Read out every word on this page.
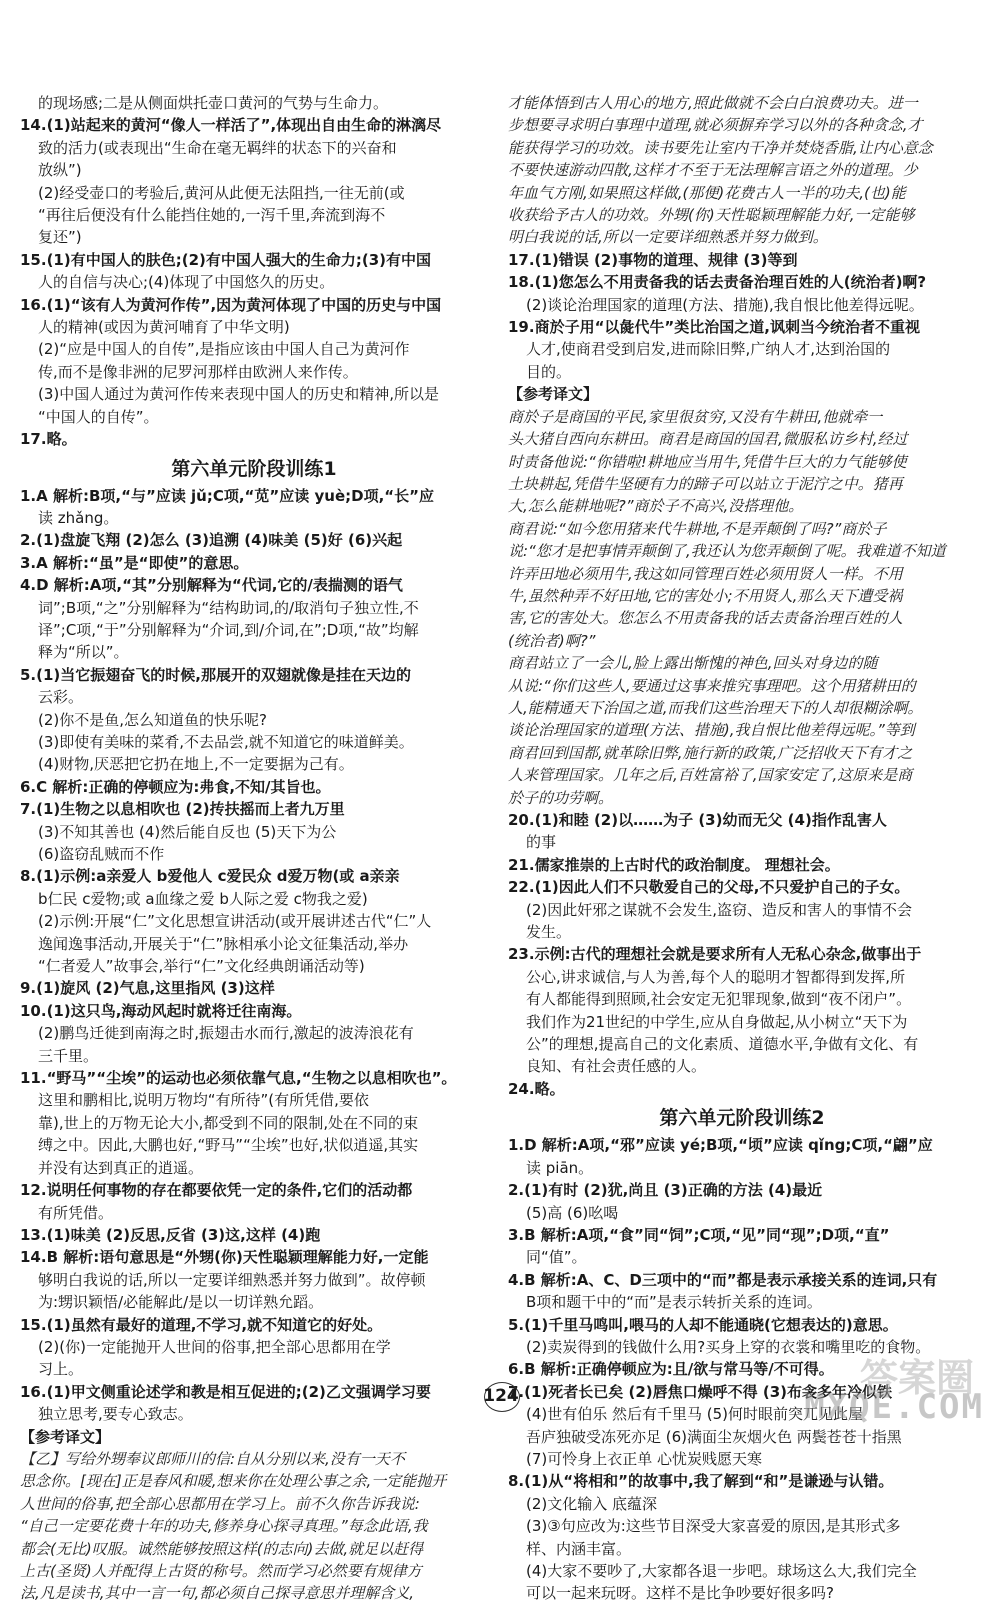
的现场感;二是从侧面烘托壶口黄河的气势与生命力。
14.(1)站起来的黄河“像人一样活了”,体现出自由生命的淋漓尽
致的活力(或表现出“生命在毫无羁绊的状态下的兴奋和
放纵”)
(2)经受壶口的考验后,黄河从此便无法阻挡,一往无前(或
“再往后便没有什么能挡住她的,一泻千里,奔流到海不
复还”)
15.(1)有中国人的肤色;(2)有中国人强大的生命力;(3)有中国
人的自信与决心;(4)体现了中国悠久的历史。
16.(1)“该有人为黄河作传”,因为黄河体现了中国的历史与中国
人的精神(或因为黄河哺育了中华文明)
(2)“应是中国人的自传”,是指应该由中国人自己为黄河作
传,而不是像非洲的尼罗河那样由欧洲人来作传。
(3)中国人通过为黄河作传来表现中国人的历史和精神,所以是
“中国人的自传”。
17.略。
第六单元阶段训练1
1.A 解析:B项,“与”应读 jǔ;C项,“苋”应读 yuè;D项,“长”应
读 zhǎng。
2.(1)盘旋飞翔 (2)怎么 (3)追溯 (4)味美 (5)好 (6)兴起
3.A 解析:“虽”是“即使”的意思。
4.D 解析:A项,“其”分别解释为“代词,它的/表揣测的语气
词”;B项,“之”分别解释为“结构助词,的/取消句子独立性,不
译”;C项,“于”分别解释为“介词,到/介词,在”;D项,“故”均解
释为“所以”。
5.(1)当它振翅奋飞的时候,那展开的双翅就像是挂在天边的
云彩。
(2)你不是鱼,怎么知道鱼的快乐呢?
(3)即使有美味的菜肴,不去品尝,就不知道它的味道鲜美。
(4)财物,厌恶把它扔在地上,不一定要据为己有。
6.C 解析:正确的停顿应为:弗食,不知/其旨也。
7.(1)生物之以息相吹也 (2)抟扶摇而上者九万里
(3)不知其善也 (4)然后能自反也 (5)天下为公
(6)盗窃乱贼而不作
8.(1)示例:a亲爱人 b爱他人 c爱民众 d爱万物(或 a亲亲
b仁民 c爱物;或 a血缘之爱 b人际之爱 c物我之爱)
(2)示例:开展“仁”文化思想宣讲活动(或开展讲述古代“仁”人
逸闻逸事活动,开展关于“仁”脉相承小论文征集活动,举办
“仁者爱人”故事会,举行“仁”文化经典朗诵活动等)
9.(1)旋风 (2)气息,这里指风 (3)这样
10.(1)这只鸟,海动风起时就将迁往南海。
(2)鹏鸟迁徙到南海之时,振翅击水而行,激起的波涛浪花有
三千里。
11.“野马”“尘埃”的运动也必须依靠气息,“生物之以息相吹也”。
这里和鹏相比,说明万物均“有所待”(有所凭借,要依
靠),世上的万物无论大小,都受到不同的限制,处在不同的束
缚之中。因此,大鹏也好,“野马”“尘埃”也好,状似逍遥,其实
并没有达到真正的逍遥。
12.说明任何事物的存在都要依凭一定的条件,它们的活动都
有所凭借。
13.(1)味美 (2)反思,反省 (3)这,这样 (4)跑
14.B 解析:语句意思是“外甥(你)天性聪颖理解能力好,一定能
够明白我说的话,所以一定要详细熟悉并努力做到”。故停顿
为:甥识颖悟/必能解此/是以一切详熟允蹈。
15.(1)虽然有最好的道理,不学习,就不知道它的好处。
(2)(你)一定能抛开人世间的俗事,把全部心思都用在学
习上。
16.(1)甲文侧重论述学和教是相互促进的;(2)乙文强调学习要
独立思考,要专心致志。
【参考译文】
【乙】写给外甥奉议郎师川的信:自从分别以来,没有一天不
思念你。[现在]正是春风和暖,想来你在处理公事之余,一定能抛开
人世间的俗事,把全部心思都用在学习上。前不久你告诉我说:
“自己一定要花费十年的功夫,修养身心探寻真理。”每念此语,我
都会(无比)叹服。诚然能够按照这样(的志向)去做,就足以赶得
上古(圣贤)人并配得上古贤的称号。然而学习必然要有规律方
法,凡是读书,其中一言一句,都必须自己探寻意思并理解含义,
才能体悟到古人用心的地方,照此做就不会白白浪费功夫。进一
步想要寻求明白事理中道理,就必须摒弃学习以外的各种贪念,才
能获得学习的功效。读书要先让室内干净并焚烧香脂,让内心意念
不要快速游动四散,这样才不至于无法理解言语之外的道理。少
年血气方刚,如果照这样做,(那便)花费古人一半的功夫,(也)能
收获给予古人的功效。外甥(你)天性聪颖理解能力好,一定能够
明白我说的话,所以一定要详细熟悉并努力做到。
17.(1)错误 (2)事物的道理、规律 (3)等到
18.(1)您怎么不用责备我的话去责备治理百姓的人(统治者)啊?
(2)谈论治理国家的道理(方法、措施),我自恨比他差得远呢。
19.商於子用“以彘代牛”类比治国之道,讽刺当今统治者不重视
人才,使商君受到启发,进而除旧弊,广纳人才,达到治国的
目的。
【参考译文】
商於子是商国的平民,家里很贫穷,又没有牛耕田,他就牵一
头大猪自西向东耕田。商君是商国的国君,微服私访乡村,经过
时责备他说:“你错啦!耕地应当用牛,凭借牛巨大的力气能够使
土块耕起,凭借牛坚硬有力的蹄子可以站立于泥泞之中。猪再
大,怎么能耕地呢?”商於子不高兴,没搭理他。
商君说:“如今您用猪来代牛耕地,不是弄颠倒了吗?”商於子
说:“您才是把事情弄颠倒了,我还认为您弄颠倒了呢。我难道不知道
许弄田地必须用牛,我这如同管理百姓必须用贤人一样。不用
牛,虽然种弄不好田地,它的害处小;不用贤人,那么天下遭受祸
害,它的害处大。您怎么不用责备我的话去责备治理百姓的人
(统治者)啊?”
商君站立了一会儿,脸上露出惭愧的神色,回头对身边的随
从说:“你们这些人,要通过这事来推究事理吧。这个用猪耕田的
人,能精通天下治国之道,而我们这些治理天下的人却很糊涂啊。
谈论治理国家的道理(方法、措施),我自恨比他差得远呢。”等到
商君回到国都,就革除旧弊,施行新的政策,广泛招收天下有才之
人来管理国家。几年之后,百姓富裕了,国家安定了,这原来是商
於子的功劳啊。
20.(1)和睦 (2)以……为子 (3)幼而无父 (4)指作乱害人
的事
21.儒家推崇的上古时代的政治制度。 理想社会。
22.(1)因此人们不只敬爱自己的父母,不只爱护自己的子女。
(2)因此奸邪之谋就不会发生,盗窃、造反和害人的事情不会
发生。
23.示例:古代的理想社会就是要求所有人无私心杂念,做事出于
公心,讲求诚信,与人为善,每个人的聪明才智都得到发挥,所
有人都能得到照顾,社会安定无犯罪现象,做到“夜不闭户”。
我们作为21世纪的中学生,应从自身做起,从小树立“天下为
公”的理想,提高自己的文化素质、道德水平,争做有文化、有
良知、有社会责任感的人。
24.略。
第六单元阶段训练2
1.D 解析:A项,“邪”应读 yé;B项,“顷”应读 qǐng;C项,“翩”应
读 piān。
2.(1)有时 (2)犹,尚且 (3)正确的方法 (4)最近
(5)高 (6)吆喝
3.B 解析:A项,“食”同“饲”;C项,“见”同“现”;D项,“直”
同“值”。
4.B 解析:A、C、D三项中的“而”都是表示承接关系的连词,只有
B项和题干中的“而”是表示转折关系的连词。
5.(1)千里马鸣叫,喂马的人却不能通晓(它想表达的)意思。
(2)卖炭得到的钱做什么用?买身上穿的衣裳和嘴里吃的食物。
6.B 解析:正确停顿应为:且/欲与常马等/不可得。
7.(1)死者长已矣 (2)唇焦口燥呼不得 (3)布衾多年冷似铁
(4)世有伯乐 然后有千里马 (5)何时眼前突兀见此屋
吾庐独破受冻死亦足 (6)满面尘灰烟火色 两鬓苍苍十指黑
(7)可怜身上衣正单 心忧炭贱愿天寒
8.(1)从“将相和”的故事中,我了解到“和”是谦逊与认错。
(2)文化输入 底蕴深
(3)③句应改为:这些节目深受大家喜爱的原因,是其形式多
样、内涵丰富。
(4)大家不要吵了,大家都各退一步吧。球场这么大,我们完全
可以一起来玩呀。这样不是比争吵要好很多吗?
124	答案圈
MXQE.COM
